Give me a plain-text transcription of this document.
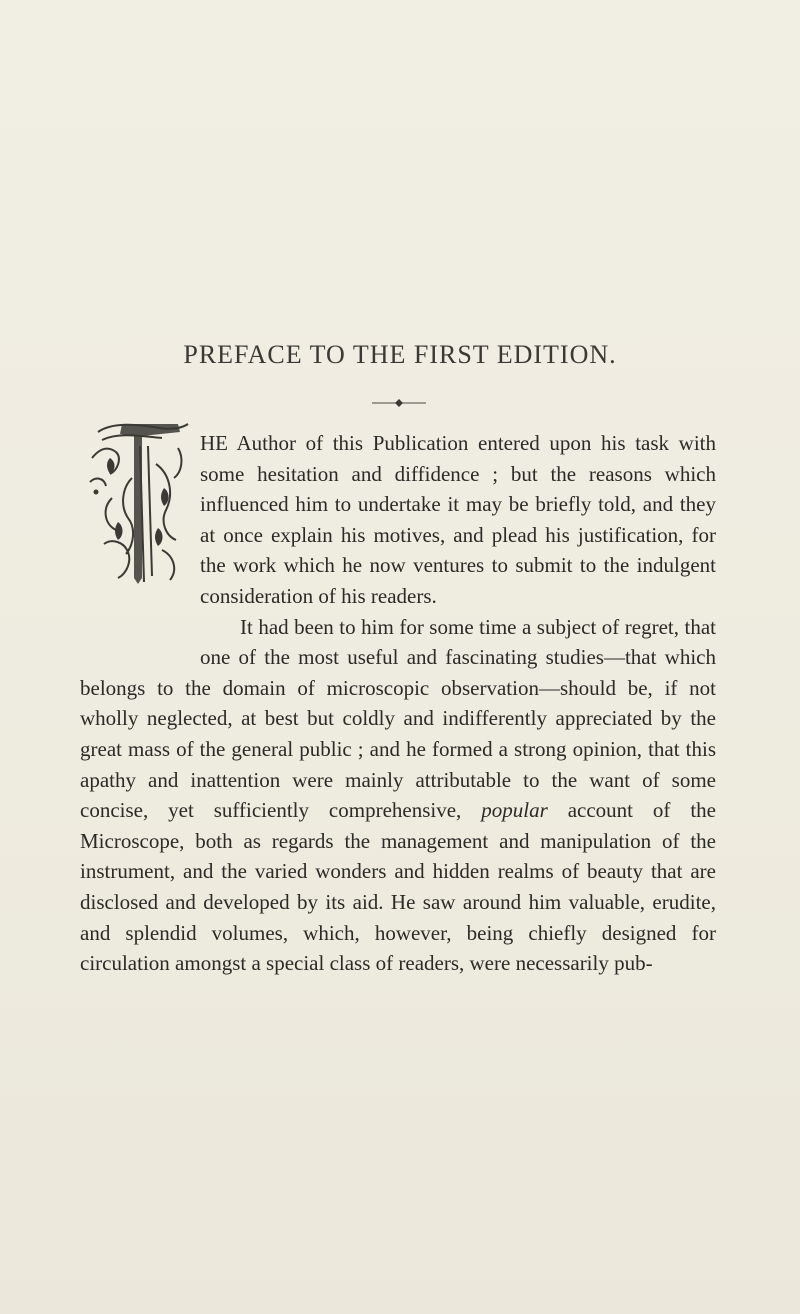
PREFACE TO THE FIRST EDITION.

HE Author of this Publication entered upon his task with some hesitation and diffidence ; but the reasons which influenced him to undertake it may be briefly told, and they at once explain his motives, and plead his justification, for the work which he now ventures to submit to the indulgent consideration of his readers.

It had been to him for some time a subject of regret, that one of the most useful and fascinating studies—that which belongs to the domain of microscopic observation—should be, if not wholly neglected, at best but coldly and indifferently appreciated by the great mass of the general public ; and he formed a strong opinion, that this apathy and inattention were mainly attributable to the want of some concise, yet sufficiently comprehensive, popular account of the Microscope, both as regards the management and manipulation of the instrument, and the varied wonders and hidden realms of beauty that are disclosed and developed by its aid. He saw around him valuable, erudite, and splendid volumes, which, however, being chiefly designed for circulation amongst a special class of readers, were necessarily pub-
